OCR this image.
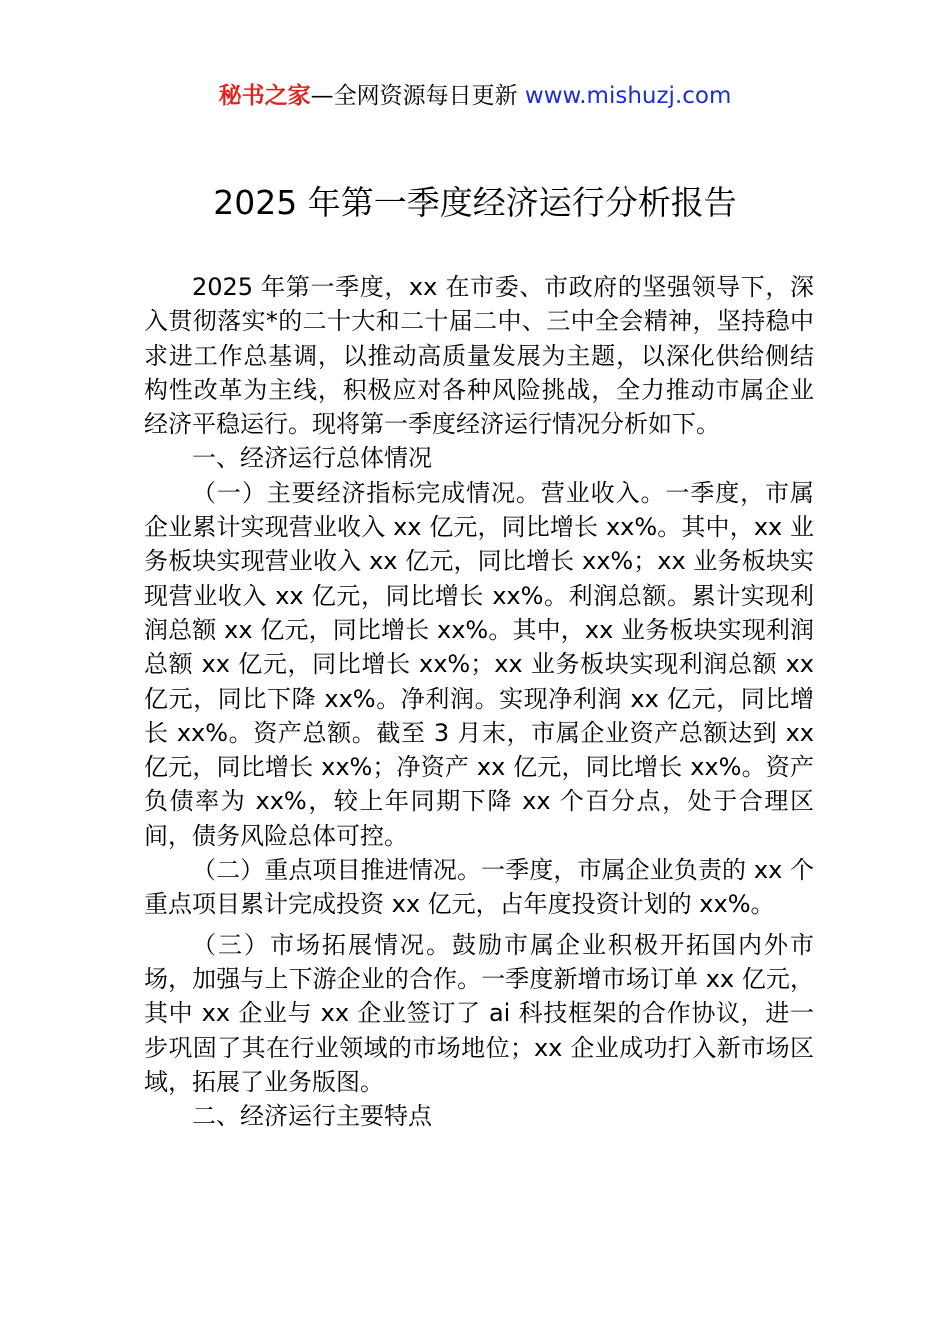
秘书之家—全网资源每日更新 www.mishuzj.com
2025 年第一季度经济运行分析报告

2025 年第一季度，xx 在市委、市政府的坚强领导下，深入贯彻落实*的二十大和二十届二中、三中全会精神，坚持稳中求进工作总基调，以推动高质量发展为主题，以深化供给侧结构性改革为主线，积极应对各种风险挑战，全力推动市属企业经济平稳运行。现将第一季度经济运行情况分析如下。

一、经济运行总体情况

（一）主要经济指标完成情况。营业收入。一季度，市属企业累计实现营业收入 xx 亿元，同比增长 xx%。其中，xx 业务板块实现营业收入 xx 亿元，同比增长 xx%；xx 业务板块实现营业收入 xx 亿元，同比增长 xx%。利润总额。累计实现利润总额 xx 亿元，同比增长 xx%。其中，xx 业务板块实现利润总额 xx 亿元，同比增长 xx%；xx 业务板块实现利润总额 xx 亿元，同比下降 xx%。净利润。实现净利润 xx 亿元，同比增长 xx%。资产总额。截至 3 月末，市属企业资产总额达到 xx 亿元，同比增长 xx%；净资产 xx 亿元，同比增长 xx%。资产负债率为 xx%，较上年同期下降 xx 个百分点，处于合理区间，债务风险总体可控。

（二）重点项目推进情况。一季度，市属企业负责的 xx 个重点项目累计完成投资 xx 亿元，占年度投资计划的 xx%。

（三）市场拓展情况。鼓励市属企业积极开拓国内外市场，加强与上下游企业的合作。一季度新增市场订单 xx 亿元，其中 xx 企业与 xx 企业签订了 ai 科技框架的合作协议，进一步巩固了其在行业领域的市场地位；xx 企业成功打入新市场区域，拓展了业务版图。

二、经济运行主要特点
